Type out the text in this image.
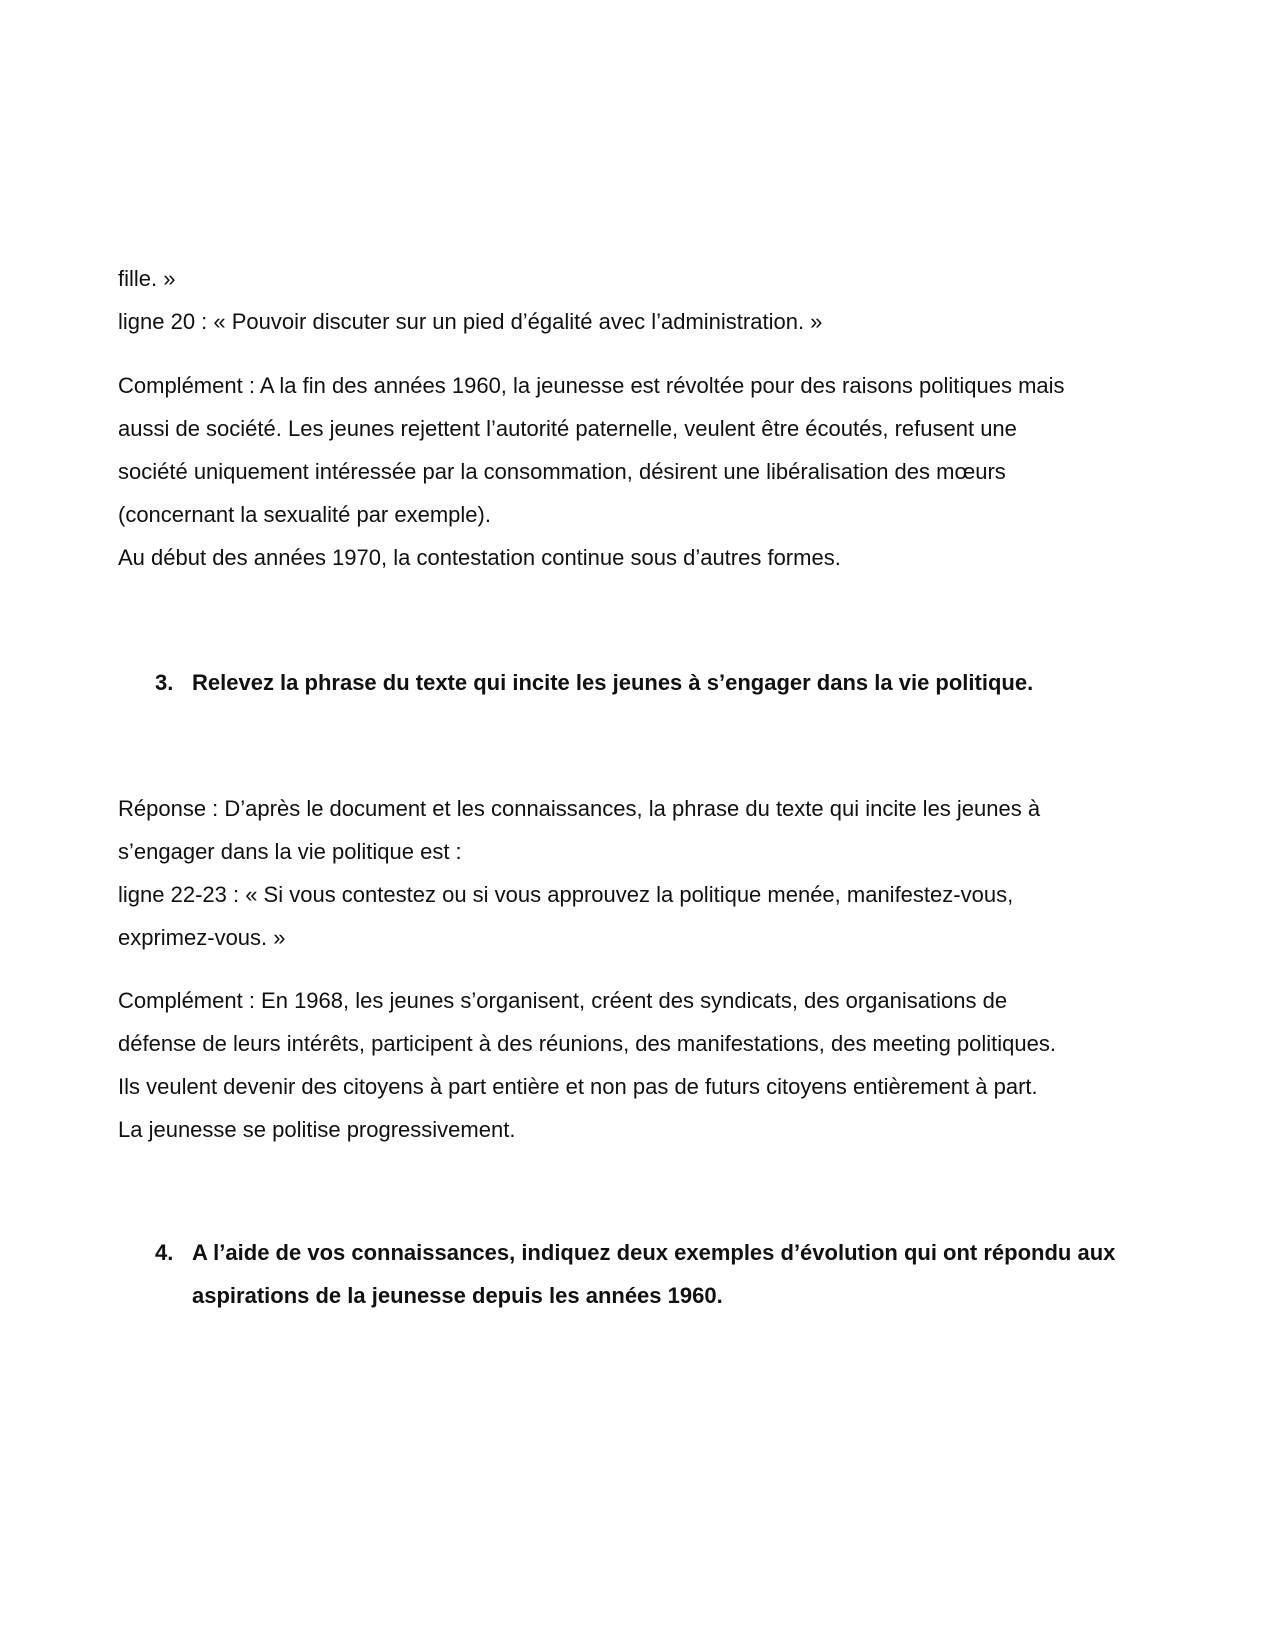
fille. »

ligne 20 : « Pouvoir discuter sur un pied d’égalité avec l’administration. »

Complément : A la fin des années 1960, la jeunesse est révoltée pour des raisons politiques mais

aussi de société. Les jeunes rejettent l’autorité paternelle, veulent être écoutés, refusent une

société uniquement intéressée par la consommation, désirent une libéralisation des mœurs

(concernant la sexualité par exemple).

Au début des années 1970, la contestation continue sous d’autres formes.

3. Relevez la phrase du texte qui incite les jeunes à s’engager dans la vie politique.

Réponse : D’après le document et les connaissances, la phrase du texte qui incite les jeunes à

s’engager dans la vie politique est :

ligne 22-23 : « Si vous contestez ou si vous approuvez la politique menée, manifestez-vous,

exprimez-vous. »

Complément : En 1968, les jeunes s’organisent, créent des syndicats, des organisations de

défense de leurs intérêts, participent à des réunions, des manifestations, des meeting politiques.

Ils veulent devenir des citoyens à part entière et non pas de futurs citoyens entièrement à part.

La jeunesse se politise progressivement.

4. A l’aide de vos connaissances, indiquez deux exemples d’évolution qui ont répondu aux
aspirations de la jeunesse depuis les années 1960.
